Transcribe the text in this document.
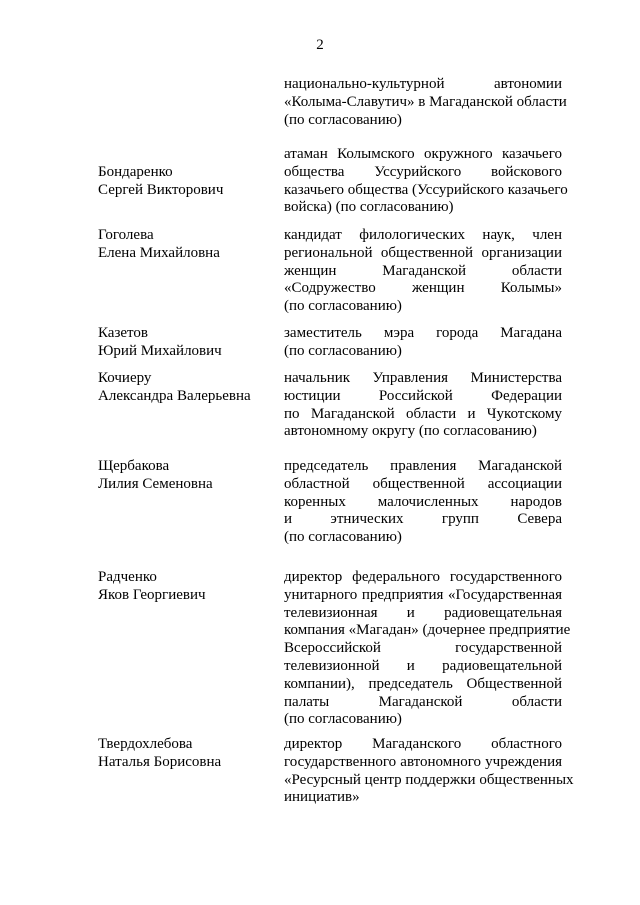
2
национально-культурной автономии
«Колыма-Славутич» в Магаданской области
(по согласованию)
Бондаренко
Сергей Викторович
атаман Колымского окружного казачьего
общества Уссурийского войскового
казачьего общества (Уссурийского казачьего
войска) (по согласованию)
Гоголева
Елена Михайловна
кандидат филологических наук, член
региональной общественной организации
женщин Магаданской области
«Содружество женщин Колымы»
(по согласованию)
Казетов
Юрий Михайлович
заместитель мэра города Магадана
(по согласованию)
Кочиеру
Александра Валерьевна
начальник Управления Министерства
юстиции Российской Федерации
по Магаданской области и Чукотскому
автономному округу (по согласованию)
Щербакова
Лилия Семеновна
председатель правления Магаданской
областной общественной ассоциации
коренных малочисленных народов
и этнических групп Севера
(по согласованию)
Радченко
Яков Георгиевич
директор федерального государственного
унитарного предприятия «Государственная
телевизионная и радиовещательная
компания «Магадан» (дочернее предприятие
Всероссийской государственной
телевизионной и радиовещательной
компании), председатель Общественной
палаты Магаданской области
(по согласованию)
Твердохлебова
Наталья Борисовна
директор Магаданского областного
государственного автономного учреждения
«Ресурсный центр поддержки общественных
инициатив»
